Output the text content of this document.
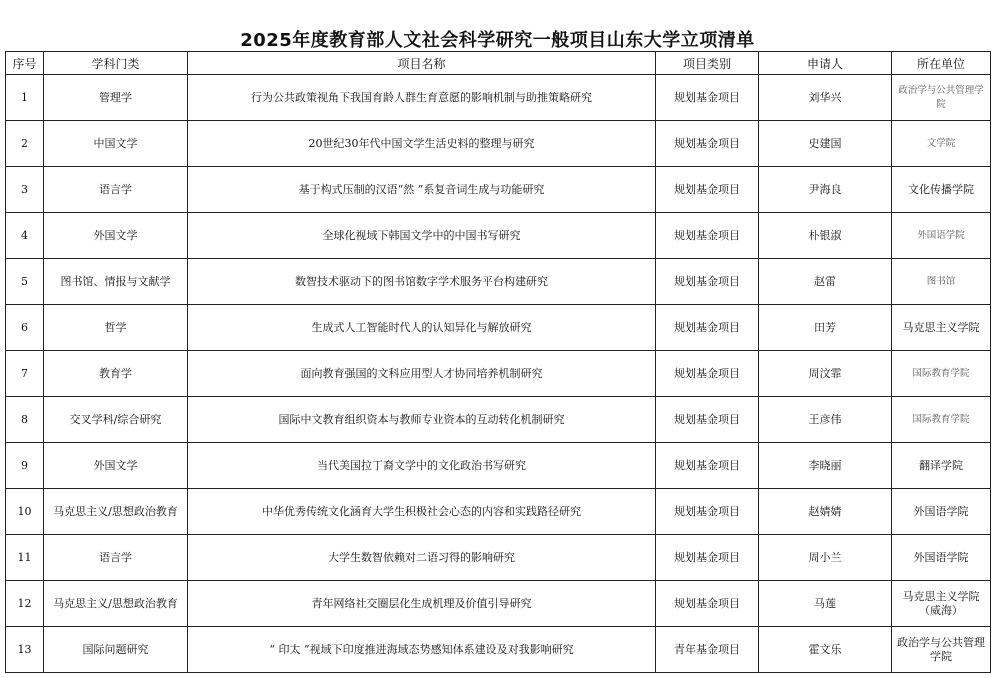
2025年度教育部人文社会科学研究一般项目山东大学立项清单
序号	学科门类	项目名称	项目类别	申请人	所在单位
1	管理学	行为公共政策视角下我国育龄人群生育意愿的影响机制与助推策略研究	规划基金项目	刘华兴	政治学与公共管理学院
2	中国文学	20世纪30年代中国文学生活史料的整理与研究	规划基金项目	史建国	文学院
3	语言学	基于构式压制的汉语“然 ”系复音词生成与功能研究	规划基金项目	尹海良	文化传播学院
4	外国文学	全球化视域下韩国文学中的中国书写研究	规划基金项目	朴银淑	外国语学院
5	图书馆、情报与文献学	数智技术驱动下的图书馆数字学术服务平台构建研究	规划基金项目	赵雷	图书馆
6	哲学	生成式人工智能时代人的认知异化与解放研究	规划基金项目	田芳	马克思主义学院
7	教育学	面向教育强国的文科应用型人才协同培养机制研究	规划基金项目	周汶霏	国际教育学院
8	交叉学科/综合研究	国际中文教育组织资本与教师专业资本的互动转化机制研究	规划基金项目	王彦伟	国际教育学院
9	外国文学	当代美国拉丁裔文学中的文化政治书写研究	规划基金项目	李晓丽	翻译学院
10	马克思主义/思想政治教育	中华优秀传统文化涵育大学生积极社会心态的内容和实践路径研究	规划基金项目	赵婧婧	外国语学院
11	语言学	大学生数智依赖对二语习得的影响研究	规划基金项目	周小兰	外国语学院
12	马克思主义/思想政治教育	青年网络社交圈层化生成机理及价值引导研究	规划基金项目	马莲	马克思主义学院（威海）
13	国际问题研究	“ 印太 ”视域下印度推进海域态势感知体系建设及对我影响研究	青年基金项目	霍文乐	政治学与公共管理学院
